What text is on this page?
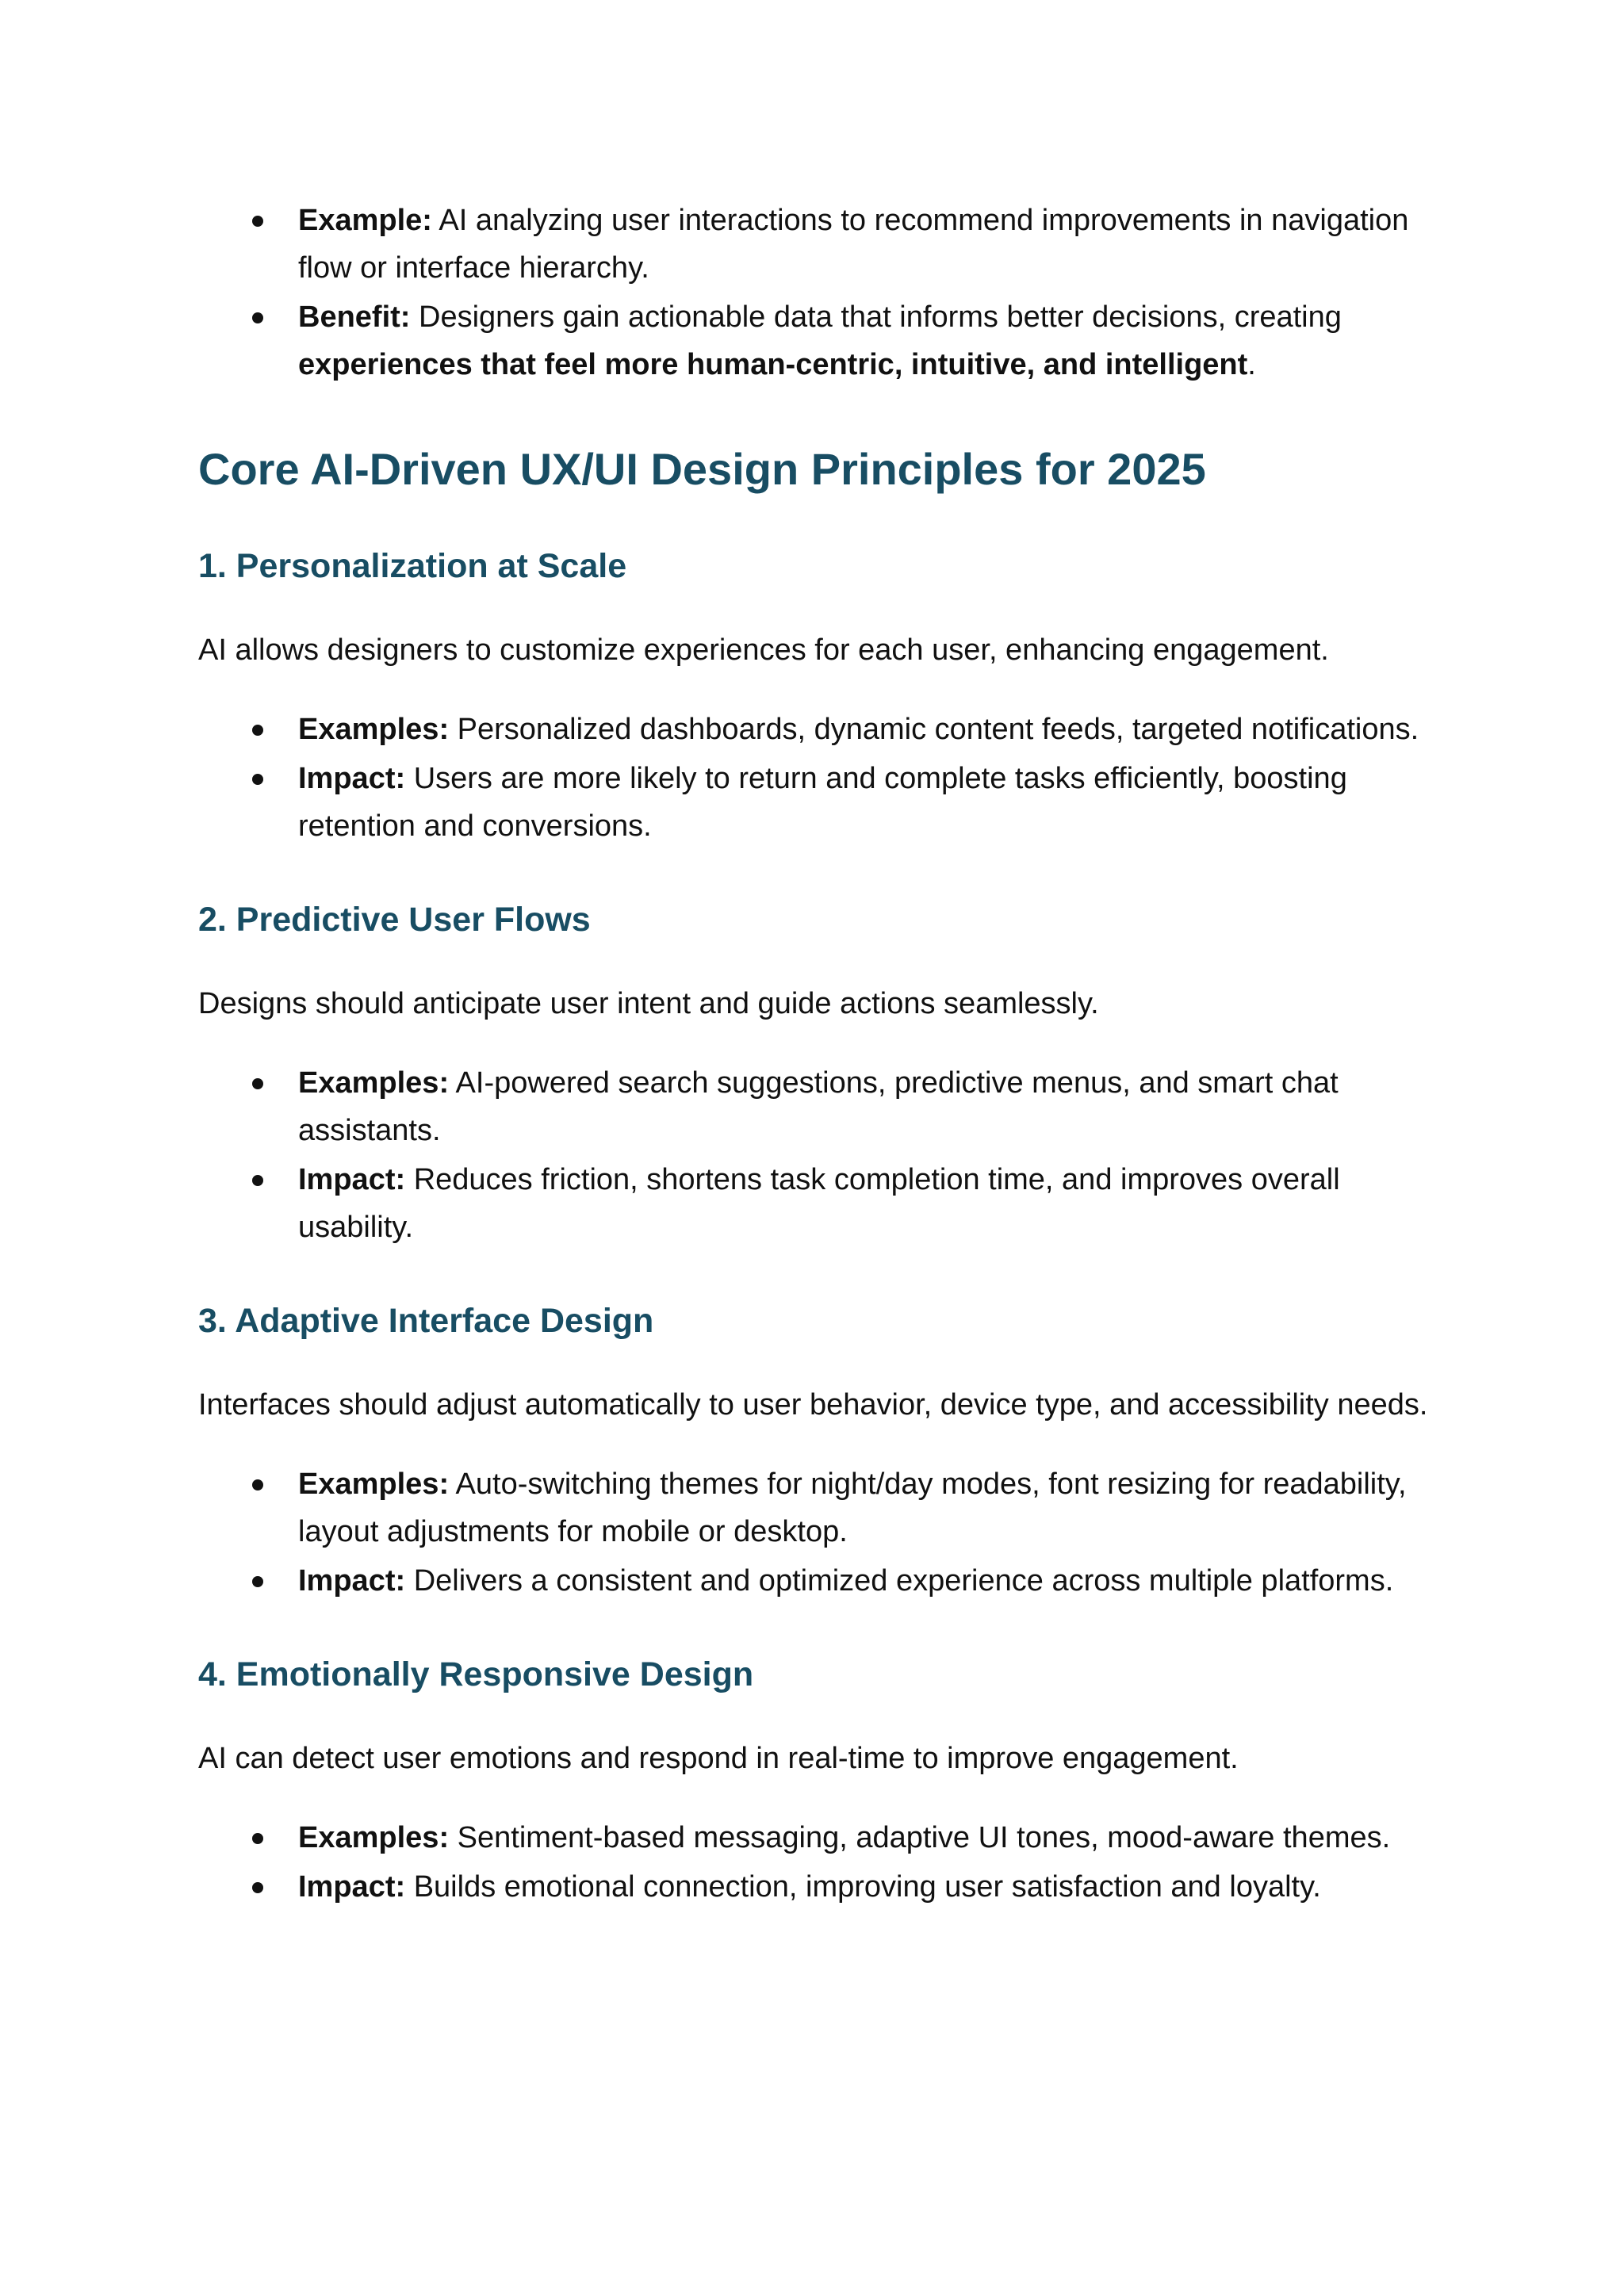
Example: AI analyzing user interactions to recommend improvements in navigation flow or interface hierarchy.
Benefit: Designers gain actionable data that informs better decisions, creating experiences that feel more human-centric, intuitive, and intelligent.
Core AI-Driven UX/UI Design Principles for 2025
1. Personalization at Scale

AI allows designers to customize experiences for each user, enhancing engagement.

Examples: Personalized dashboards, dynamic content feeds, targeted notifications.
Impact: Users are more likely to return and complete tasks efficiently, boosting retention and conversions.
2. Predictive User Flows

Designs should anticipate user intent and guide actions seamlessly.

Examples: AI-powered search suggestions, predictive menus, and smart chat assistants.
Impact: Reduces friction, shortens task completion time, and improves overall usability.
3. Adaptive Interface Design

Interfaces should adjust automatically to user behavior, device type, and accessibility needs.

Examples: Auto-switching themes for night/day modes, font resizing for readability, layout adjustments for mobile or desktop.
Impact: Delivers a consistent and optimized experience across multiple platforms.
4. Emotionally Responsive Design

AI can detect user emotions and respond in real-time to improve engagement.

Examples: Sentiment-based messaging, adaptive UI tones, mood-aware themes.
Impact: Builds emotional connection, improving user satisfaction and loyalty.
